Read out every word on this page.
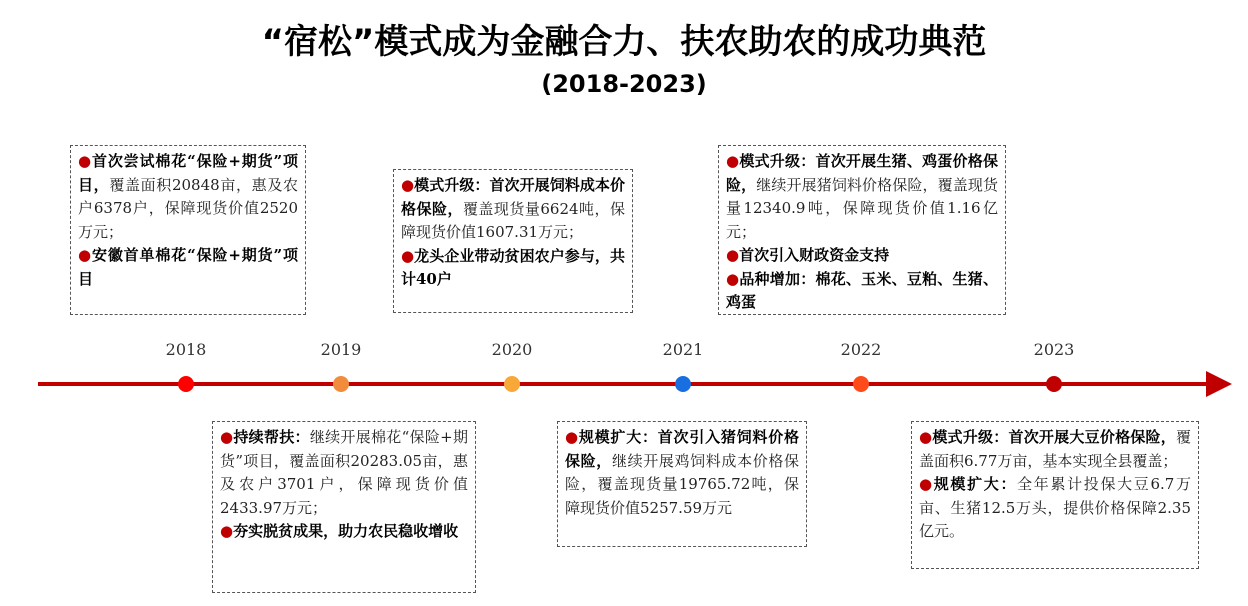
“宿松”模式成为金融合力、扶农助农的成功典范
(2018-2023)
2018	2019	2020	2021	2022	2023

●首次尝试棉花“保险+期货”项目，覆盖面积20848亩，惠及农户6378户，保障现货价值2520万元；

●安徽首单棉花“保险+期货”项目

●持续帮扶：继续开展棉花“保险+期货”项目，覆盖面积20283.05亩，惠及农户3701户，保障现货价值2433.97万元；

●夯实脱贫成果，助力农民稳收增收

●模式升级：首次开展饲料成本价格保险，覆盖现货量6624吨，保障现货价值1607.31万元；

●龙头企业带动贫困农户参与，共计40户

●规模扩大：首次引入猪饲料价格保险，继续开展鸡饲料成本价格保险，覆盖现货量19765.72吨，保障现货价值5257.59万元

●模式升级：首次开展生猪、鸡蛋价格保险，继续开展猪饲料价格保险，覆盖现货量12340.9吨，保障现货价值1.16亿元；

●首次引入财政资金支持

●品种增加：棉花、玉米、豆粕、生猪、鸡蛋

●模式升级：首次开展大豆价格保险，覆盖面积6.77万亩，基本实现全县覆盖；

●规模扩大：全年累计投保大豆6.7万亩、生猪12.5万头，提供价格保障2.35亿元。
